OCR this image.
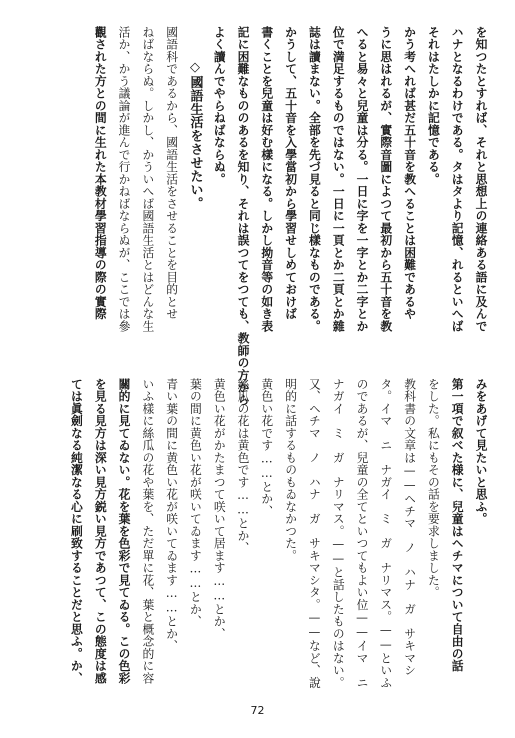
を知つたとすれば、それと思想上の連絡ある語に及んで
ハナとなるわけである。タはタより記憶、れるといへば
それはたしかに記憶である。
かう考へれば甚だ五十音を教へることは困難であるや
うに思はれるが、實際音圖によつて最初から五十音を教
へると易々と兒童は分る。一日に字を一字とか二字とか
位で満足するものではない。一日に一頁とか二頁とか雜
誌は讀まない。全部を先づ見ると同じ樣なものである。
かうして、五十音を入學當初から學習せしめておけば
書くことを兒童は好む樣になる。しかし拗音等の如き表
記に困難なもののあるを知り、それは誤つてをつても、教師の方から
よく讀んでやらねばならぬ。
◇國語生活をさせたい。
國語科であるから、國語生活をさせることを目的とせ
ねばならぬ。しかし、かういへば國語生活とはどんな生
活か、かう議論が進んで行かねばならぬが、ここでは參
觀された方との間に生れた本教材學習指導の際の實際
みをあげて見たいと思ふ。
第一項で叙べた様に、兒童はヘチマについて自由の話
をした。私にもその話を要求しました。
教科書の文章は——ヘチマ　ノ　ハナ　ガ　サキマシ
タ。イマ　ニ　ナガイ　ミ　ガ　ナリマス。——といふ
のであるが、兒童の全てといつてもよい位——イマ　ニ
ナガイ　ミ　ガ　ナリマス。——と話したものはない。
又、ヘチマ　ノ　ハナ　ガ　サキマシタ。——など、說
明的に話するものもゐなかつた。
黄色い花です……とか、
絲瓜の花は黄色です……とか、
黄色い花がかたまつて咲いて居ます……とか、
葉の間に黄色い花が咲いてゐます……とか、
青い葉の間に黄色い花が咲いてゐます……とか、
いふ樣に絲瓜の花や葉を、ただ單に花、葉と概念的に容
關的に見てゐない。花を葉を色彩で見てゐる。この色彩
を見る見方は深い見方鋭い見方であつて、この態度は感
ては眞劍なる純潔なる心に刷致することだと思ふ。か、
72
